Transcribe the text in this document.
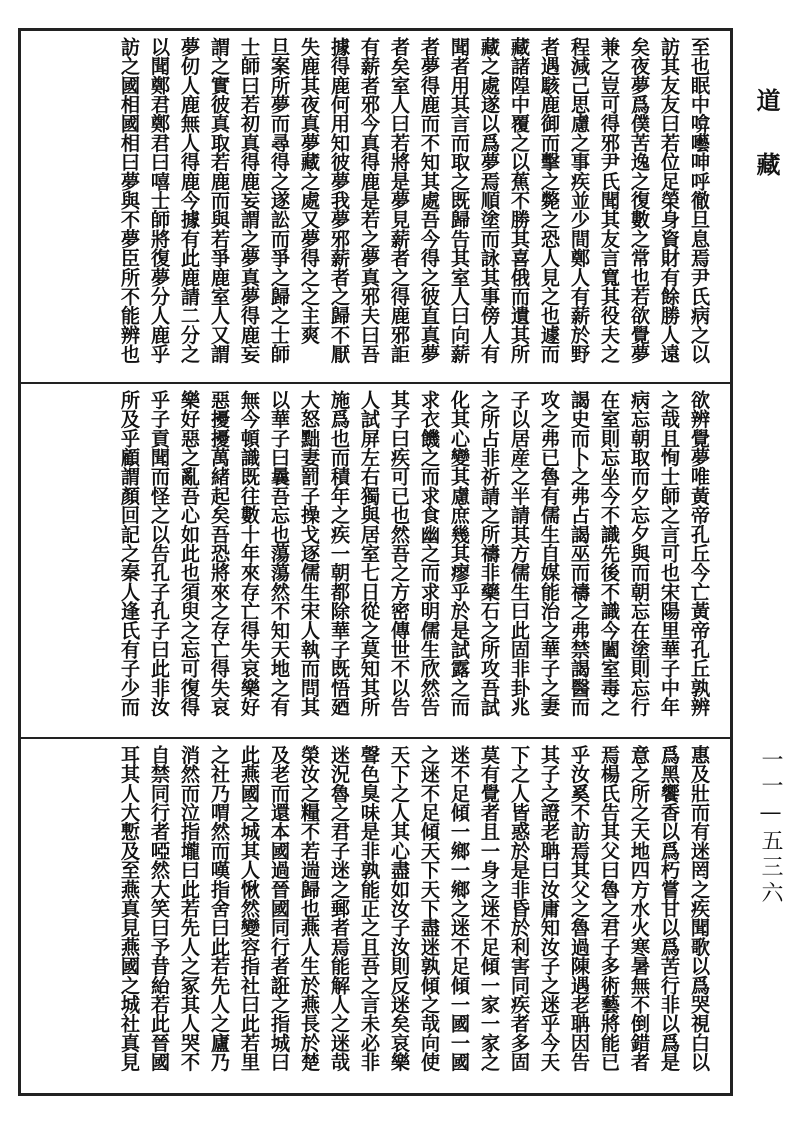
至也眠中啽囈呻呼徹旦息焉尹氏病之以
訪其友友曰若位足榮身資財有餘勝人遠
矣夜夢爲僕苦逸之復數之常也若欲覺夢
兼之豈可得邪尹氏聞其友言寬其役夫之
程減己思慮之事疾並少間鄭人有薪於野
者遇駭鹿御而擊之斃之恐人見之也遽而
藏諸隍中覆之以蕉不勝其喜俄而遺其所
藏之處遂以爲夢焉順塗而詠其事傍人有
聞者用其言而取之既歸告其室人曰向薪
者夢得鹿而不知其處吾今得之彼直真夢
者矣室人曰若將是夢見薪者之得鹿邪詎
有薪者邪今真得鹿是若之夢真邪夫曰吾
據得鹿何用知彼夢我夢邪薪者之歸不厭
失鹿其夜真夢藏之處又夢得之之主爽
旦案所夢而尋得之遂訟而爭之歸之士師
士師曰若初真得鹿妄謂之夢真夢得鹿妄
謂之實彼真取若鹿而與若爭鹿室人又謂
夢仞人鹿無人得鹿今據有此鹿請二分之
以聞鄭君鄭君曰嘻士師將復夢分人鹿乎
訪之國相國相曰夢與不夢臣所不能辨也
欲辨覺夢唯黃帝孔丘今亡黃帝孔丘孰辨
之哉且恂士師之言可也宋陽里華子中年
病忘朝取而夕忘夕與而朝忘在塗則忘行
在室則忘坐今不識先後不識今闔室毒之
謁史而卜之弗占謁巫而禱之弗禁謁醫而
攻之弗已魯有儒生自媒能治之華子之妻
子以居産之半請其方儒生曰此固非卦兆
之所占非祈請之所禱非藥石之所攻吾試
化其心變其慮庶幾其瘳乎於是試露之而
求衣饑之而求食幽之而求明儒生欣然告
其子曰疾可已也然吾之方密傳世不以告
人試屏左右獨與居室七日從之莫知其所
施爲也而積年之疾一朝都除華子既悟廼
大怒黜妻罰子操戈逐儒生宋人執而問其
以華子曰曩吾忘也蕩蕩然不知天地之有
無今頓識既往數十年來存亡得失哀樂好
惡擾擾萬緒起矣吾恐將來之存亡得失哀
樂好惡之亂吾心如此也須臾之忘可復得
乎子貢聞而怪之以告孔子孔子曰此非汝
所及乎顧謂顏回記之秦人逢氏有子少而
惠及壯而有迷罔之疾聞歌以爲哭視白以
爲黑饗香以爲朽嘗甘以爲苦行非以爲是
意之所之天地四方水火寒暑無不倒錯者
焉楊氏告其父曰魯之君子多術藝將能已
乎汝奚不訪焉其父之魯過陳遇老聃因告
其子之證老聃曰汝庸知汝子之迷乎今天
下之人皆惑於是非昏於利害同疾者多固
莫有覺者且一身之迷不足傾一家一家之
迷不足傾一鄉一鄉之迷不足傾一國一國
之迷不足傾天下天下盡迷孰傾之哉向使
天下之人其心盡如汝子汝則反迷矣哀樂
聲色臭味是非孰能正之且吾之言未必非
迷況魯之君子迷之郵者焉能解人之迷哉
榮汝之糧不若遄歸也燕人生於燕長於楚
及老而還本國過晉國同行者誑之指城曰
此燕國之城其人愀然變容指社曰此若里
之社乃喟然而嘆指舍曰此若先人之廬乃
消然而泣指壠曰此若先人之冢其人哭不
自禁同行者啞然大笑曰予昔紿若此晉國
耳其人大慙及至燕真見燕國之城社真見
道藏
一一—五三六
